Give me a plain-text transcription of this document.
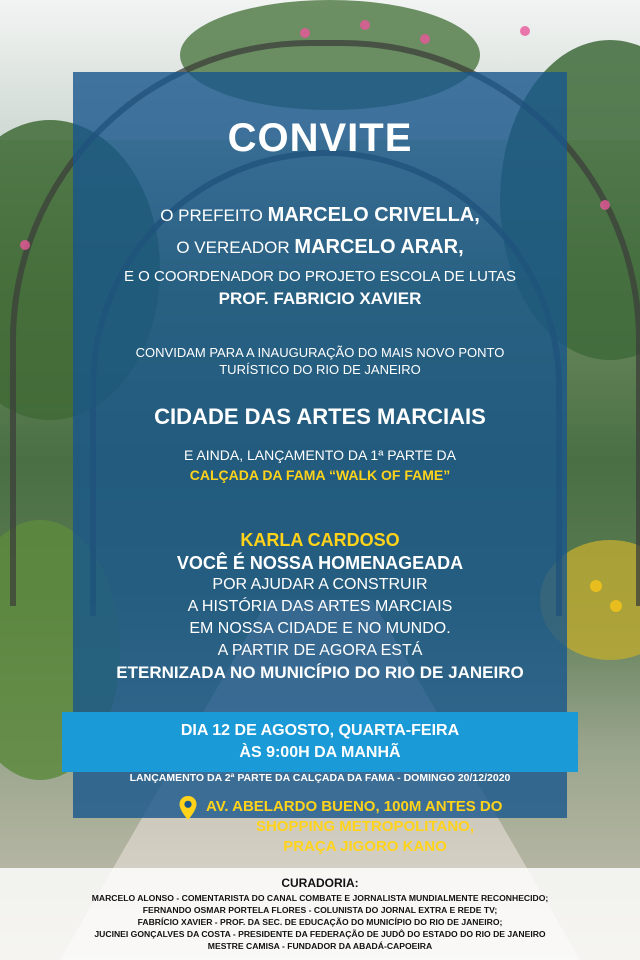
CONVITE
O PREFEITO MARCELO CRIVELLA,
O VEREADOR MARCELO ARAR,
E O COORDENADOR DO PROJETO ESCOLA DE LUTAS
PROF. FABRICIO XAVIER
CONVIDAM PARA A INAUGURAÇÃO DO MAIS NOVO PONTO
TURÍSTICO DO RIO DE JANEIRO
CIDADE DAS ARTES MARCIAIS
E AINDA, LANÇAMENTO DA 1ª PARTE DA
CALÇADA DA FAMA “WALK OF FAME”
KARLA CARDOSO
VOCÊ É NOSSA HOMENAGEADA
POR AJUDAR A CONSTRUIR
A HISTÓRIA DAS ARTES MARCIAIS
EM NOSSA CIDADE E NO MUNDO.
A PARTIR DE AGORA ESTÁ
ETERNIZADA NO MUNICÍPIO DO RIO DE JANEIRO
DIA 12 DE AGOSTO, QUARTA-FEIRA
ÀS 9:00H DA MANHÃ
LANÇAMENTO DA 2ª PARTE DA CALÇADA DA FAMA - DOMINGO 20/12/2020
AV. ABELARDO BUENO, 100M ANTES DO
SHOPPING METROPOLITANO,
PRAÇA JIGORO KANO
CURADORIA:
MARCELO ALONSO - COMENTARISTA DO CANAL COMBATE E JORNALISTA MUNDIALMENTE RECONHECIDO;
FERNANDO OSMAR PORTELA FLORES - COLUNISTA DO JORNAL EXTRA E REDE TV;
FABRÍCIO XAVIER - PROF. DA SEC. DE EDUCAÇÃO DO MUNICÍPIO DO RIO DE JANEIRO;
JUCINEI GONÇALVES DA COSTA - PRESIDENTE DA FEDERAÇÃO DE JUDÔ DO ESTADO DO RIO DE JANEIRO
MESTRE CAMISA - FUNDADOR DA ABADÁ-CAPOEIRA
